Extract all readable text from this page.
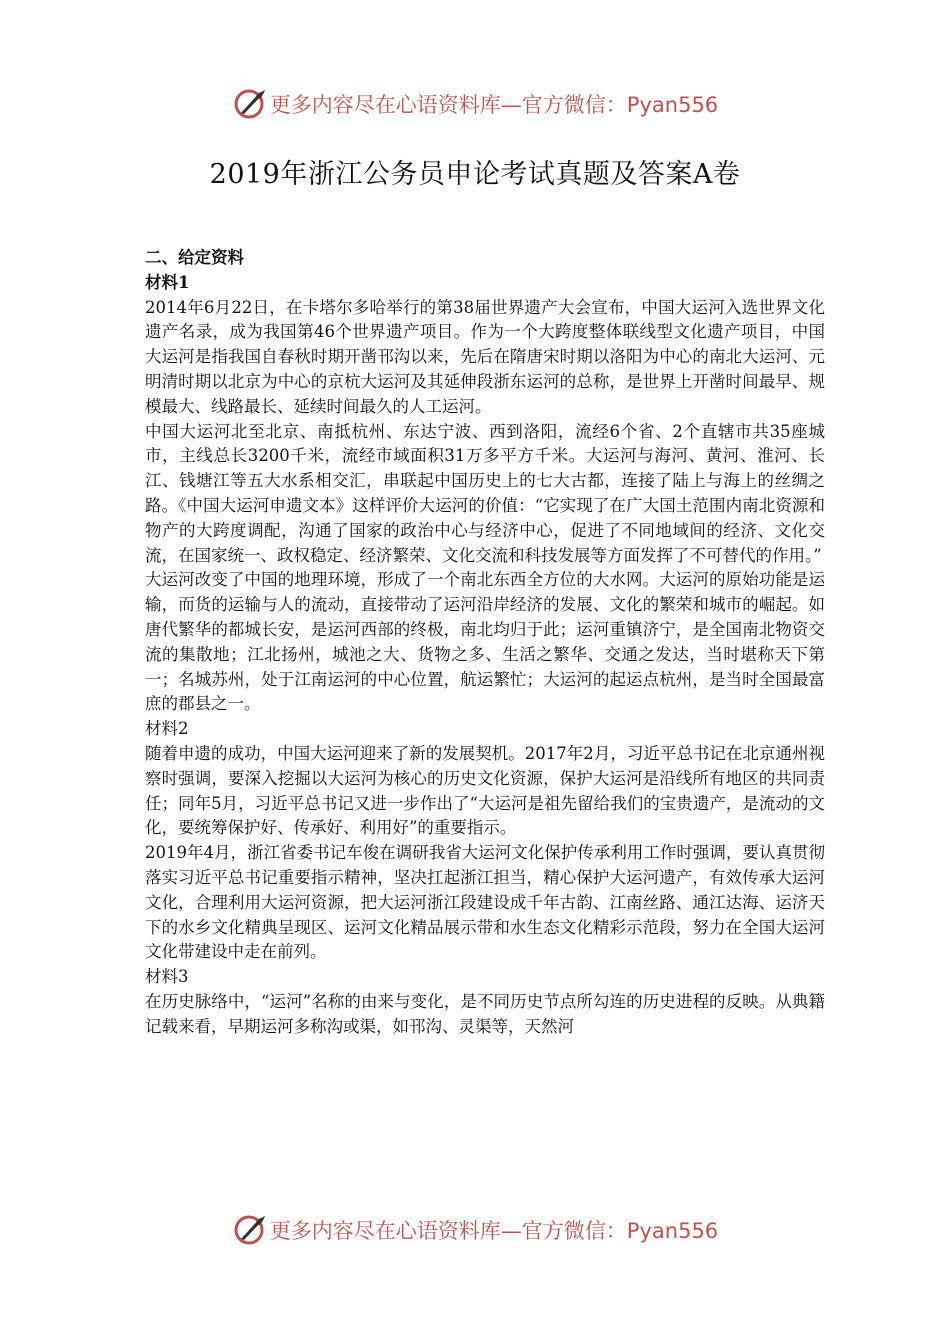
更多内容尽在心语资料库—官方微信：Pyan556
2019年浙江公务员申论考试真题及答案A卷

二、给定资料

材料1

2014年6月22日，在卡塔尔多哈举行的第38届世界遗产大会宣布，中国大运河入选世界文化遗产名录，成为我国第46个世界遗产项目。作为一个大跨度整体联线型文化遗产项目，中国大运河是指我国自春秋时期开凿邗沟以来，先后在隋唐宋时期以洛阳为中心的南北大运河、元明清时期以北京为中心的京杭大运河及其延伸段浙东运河的总称，是世界上开凿时间最早、规模最大、线路最长、延续时间最久的人工运河。

中国大运河北至北京、南抵杭州、东达宁波、西到洛阳，流经6个省、2个直辖市共35座城市，主线总长3200千米，流经市域面积31万多平方千米。大运河与海河、黄河、淮河、长江、钱塘江等五大水系相交汇，串联起中国历史上的七大古都，连接了陆上与海上的丝绸之路。《中国大运河申遗文本》这样评价大运河的价值：“它实现了在广大国土范围内南北资源和物产的大跨度调配，沟通了国家的政治中心与经济中心，促进了不同地域间的经济、文化交流，在国家统一、政权稳定、经济繁荣、文化交流和科技发展等方面发挥了不可替代的作用。”

大运河改变了中国的地理环境，形成了一个南北东西全方位的大水网。大运河的原始功能是运输，而货的运输与人的流动，直接带动了运河沿岸经济的发展、文化的繁荣和城市的崛起。如唐代繁华的都城长安，是运河西部的终极，南北均归于此；运河重镇济宁，是全国南北物资交流的集散地；江北扬州，城池之大、货物之多、生活之繁华、交通之发达，当时堪称天下第一；名城苏州，处于江南运河的中心位置，航运繁忙；大运河的起运点杭州，是当时全国最富庶的郡县之一。

材料2

随着申遗的成功，中国大运河迎来了新的发展契机。2017年2月，习近平总书记在北京通州视察时强调，要深入挖掘以大运河为核心的历史文化资源，保护大运河是沿线所有地区的共同责任；同年5月，习近平总书记又进一步作出了“大运河是祖先留给我们的宝贵遗产，是流动的文化，要统筹保护好、传承好、利用好”的重要指示。

2019年4月，浙江省委书记车俊在调研我省大运河文化保护传承利用工作时强调，要认真贯彻落实习近平总书记重要指示精神，坚决扛起浙江担当，精心保护大运河遗产，有效传承大运河文化，合理利用大运河资源，把大运河浙江段建设成千年古韵、江南丝路、通江达海、运济天下的水乡文化精典呈现区、运河文化精品展示带和水生态文化精彩示范段，努力在全国大运河文化带建设中走在前列。

材料3

在历史脉络中，“运河”名称的由来与变化，是不同历史节点所勾连的历史进程的反映。从典籍记载来看，早期运河多称沟或渠，如邗沟、灵渠等，天然河

更多内容尽在心语资料库—官方微信：Pyan556
